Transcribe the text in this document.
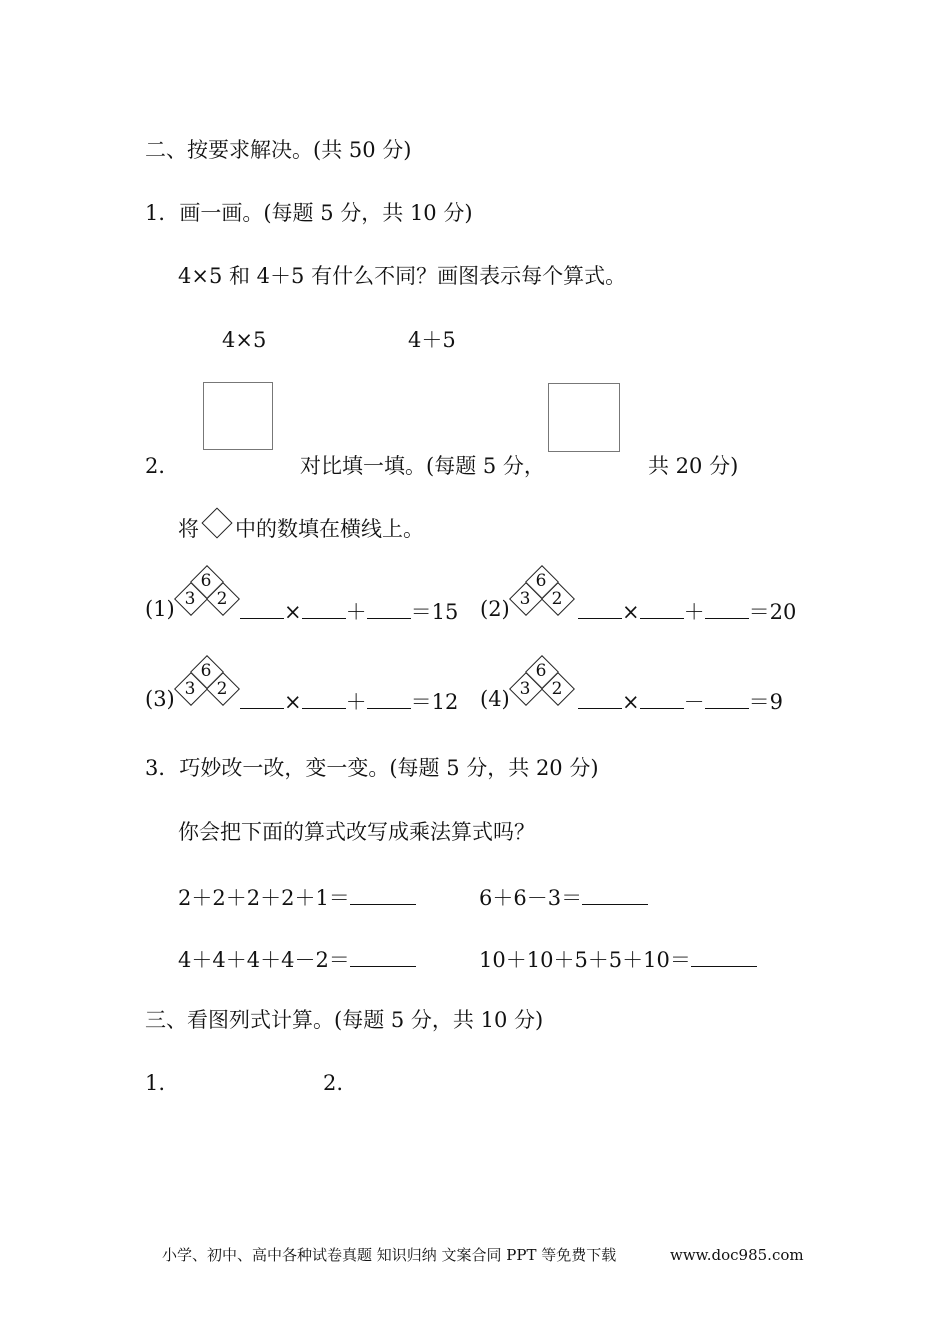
二、按要求解决。(共 50 分)
1．画一画。(每题 5 分，共 10 分)
4×5 和 4＋5 有什么不同？画图表示每个算式。
4×5	4＋5
2．	对比填一填。(每题 5 分，	共 20 分)
将 中的数填在横线上。
(1)
6
3	2
× ＋ ＝15 (2)
6
3	2
× ＋ ＝20
(3)
6
3	2
× ＋ ＝12 (4)
6
3	2
× － ＝9
3．巧妙改一改，变一变。(每题 5 分，共 20 分)
你会把下面的算式改写成乘法算式吗？
2＋2＋2＋2＋1＝	6＋6－3＝
4＋4＋4＋4－2＝	10＋10＋5＋5＋10＝
三、看图列式计算。(每题 5 分，共 10 分)
1.	2.
小学、初中、高中各种试卷真题 知识归纳 文案合同 PPT 等免费下载	www.doc985.com
